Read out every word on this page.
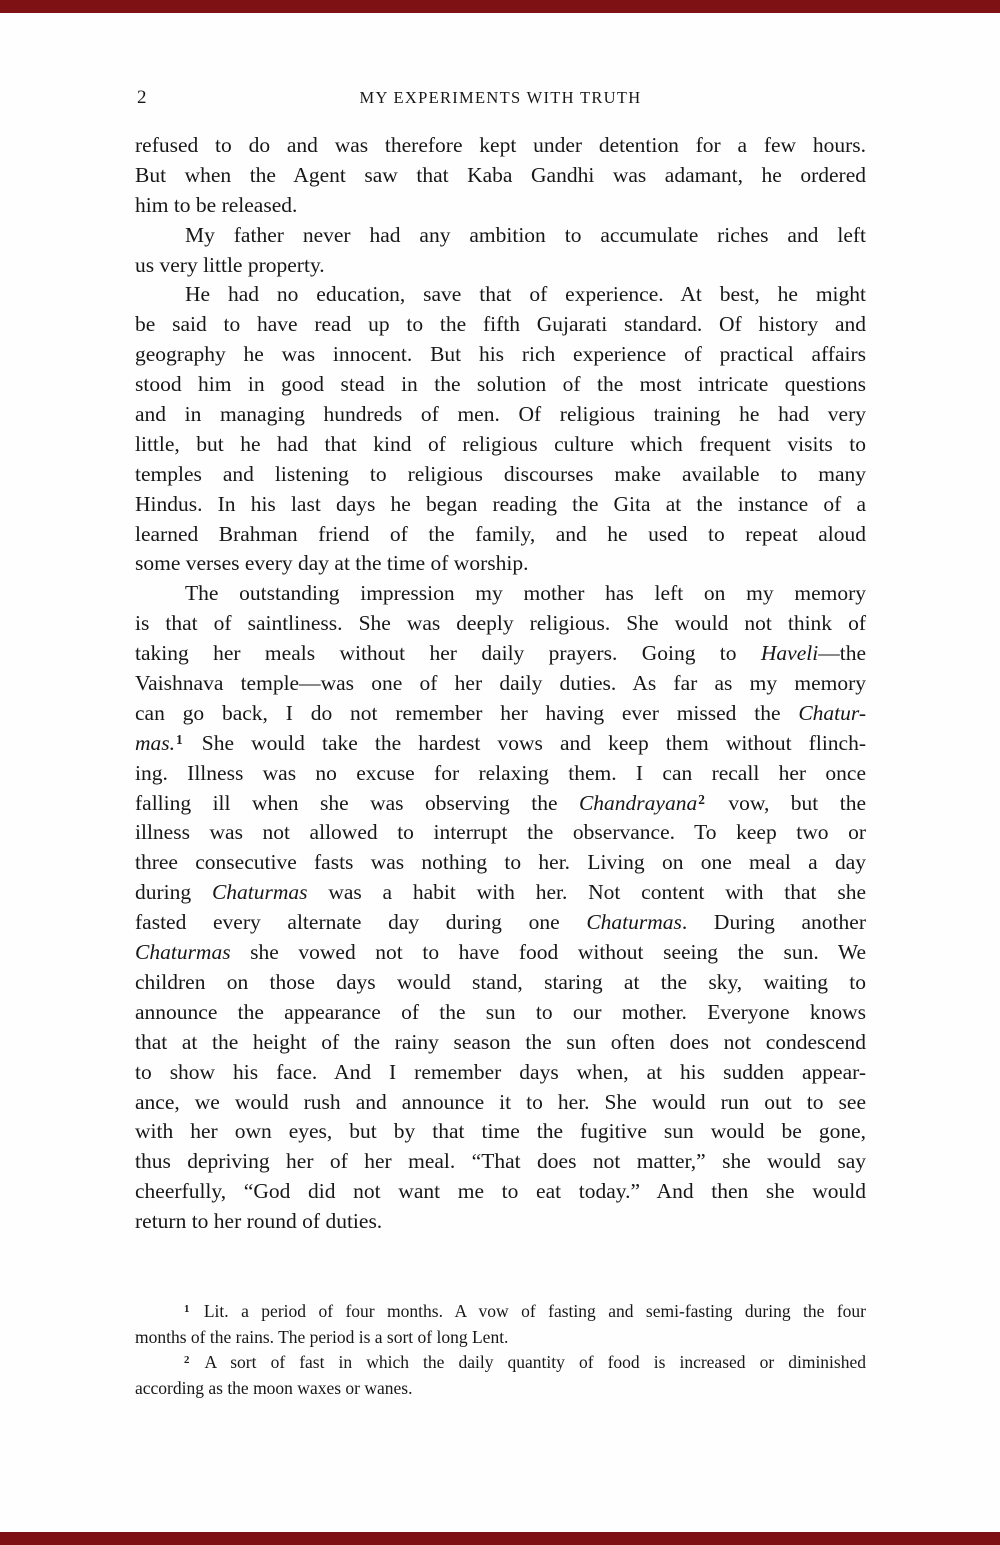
2	MY EXPERIMENTS WITH TRUTH
refused to do and was therefore kept under detention for a few hours.
But when the Agent saw that Kaba Gandhi was adamant, he ordered
him to be released.
My father never had any ambition to accumulate riches and left
us very little property.
He had no education, save that of experience. At best, he might
be said to have read up to the fifth Gujarati standard. Of history and
geography he was innocent. But his rich experience of practical affairs
stood him in good stead in the solution of the most intricate questions
and in managing hundreds of men. Of religious training he had very
little, but he had that kind of religious culture which frequent visits to
temples and listening to religious discourses make available to many
Hindus. In his last days he began reading the Gita at the instance of a
learned Brahman friend of the family, and he used to repeat aloud
some verses every day at the time of worship.
The outstanding impression my mother has left on my memory
is that of saintliness. She was deeply religious. She would not think of
taking her meals without her daily prayers. Going to Haveli—the
Vaishnava temple—was one of her daily duties. As far as my memory
can go back, I do not remember her having ever missed the Chatur-
mas.$^1$ She would take the hardest vows and keep them without flinch-
ing. Illness was no excuse for relaxing them. I can recall her once
falling ill when she was observing the Chandrayana$^2$ vow, but the
illness was not allowed to interrupt the observance. To keep two or
three consecutive fasts was nothing to her. Living on one meal a day
during Chaturmas was a habit with her. Not content with that she
fasted every alternate day during one Chaturmas. During another
Chaturmas she vowed not to have food without seeing the sun. We
children on those days would stand, staring at the sky, waiting to
announce the appearance of the sun to our mother. Everyone knows
that at the height of the rainy season the sun often does not condescend
to show his face. And I remember days when, at his sudden appear-
ance, we would rush and announce it to her. She would run out to see
with her own eyes, but by that time the fugitive sun would be gone,
thus depriving her of her meal. “That does not matter,” she would say
cheerfully, “God did not want me to eat today.” And then she would
return to her round of duties.
$^1$ Lit. a period of four months. A vow of fasting and semi-fasting during the four
months of the rains. The period is a sort of long Lent.
$^2$ A sort of fast in which the daily quantity of food is increased or diminished
according as the moon waxes or wanes.
